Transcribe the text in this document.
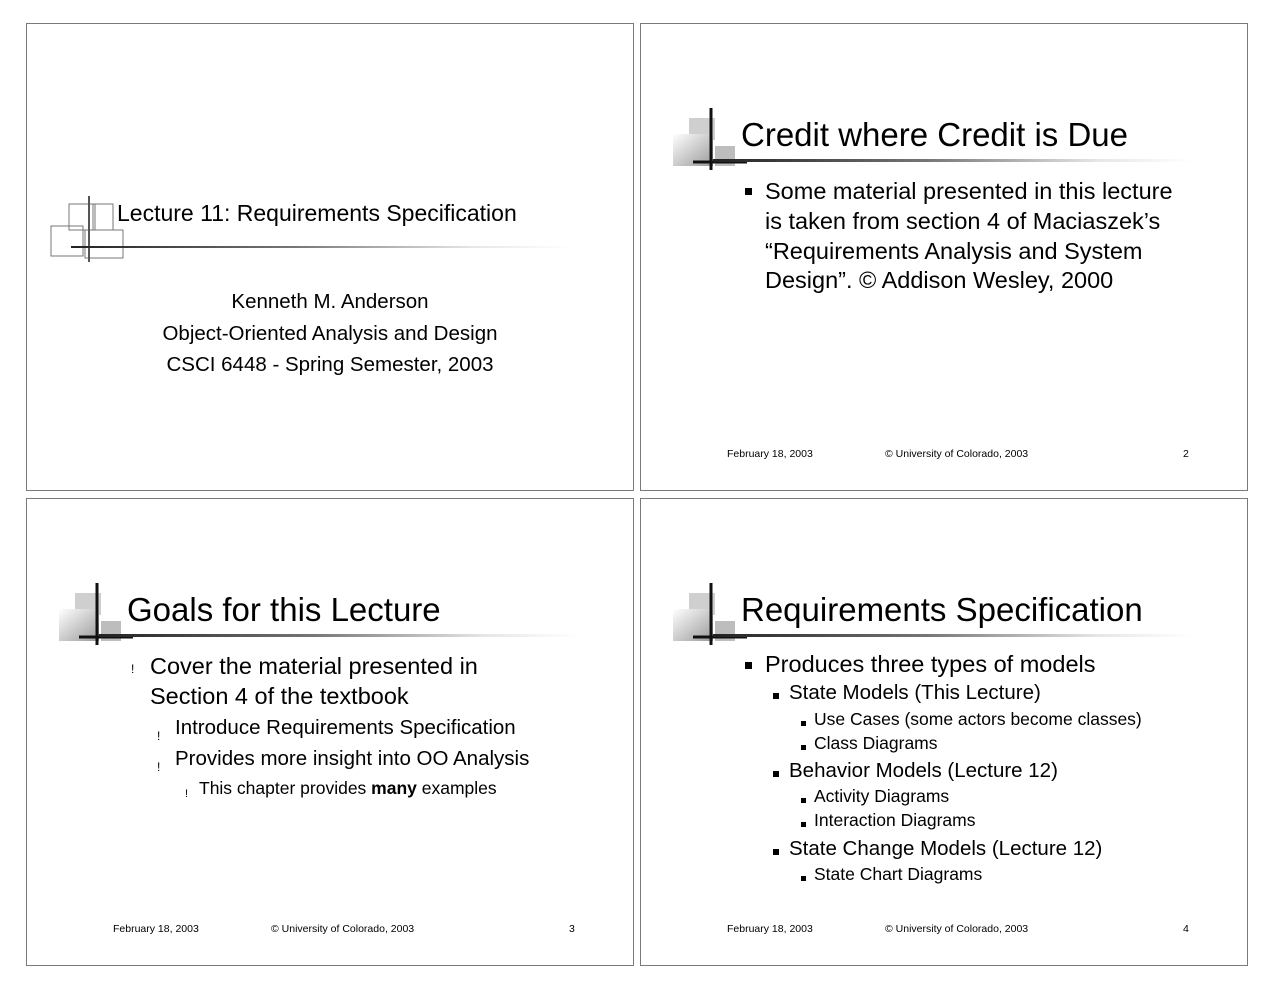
Lecture 11: Requirements Specification
Kenneth M. Anderson
Object-Oriented Analysis and Design
CSCI 6448 - Spring Semester, 2003
Credit where Credit is Due
Some material presented in this lecture
is taken from section 4 of Maciaszek’s
“Requirements Analysis and System
Design”. © Addison Wesley, 2000
February 18, 2003	© University of Colorado, 2003	2
Goals for this Lecture
! Cover the material presented in
Section 4 of the textbook
! Introduce Requirements Specification
! Provides more insight into OO Analysis
! This chapter provides many examples
February 18, 2003	© University of Colorado, 2003	3
Requirements Specification
Produces three types of models
State Models (This Lecture)
Use Cases (some actors become classes)
Class Diagrams
Behavior Models (Lecture 12)
Activity Diagrams
Interaction Diagrams
State Change Models (Lecture 12)
State Chart Diagrams
February 18, 2003	© University of Colorado, 2003	4
